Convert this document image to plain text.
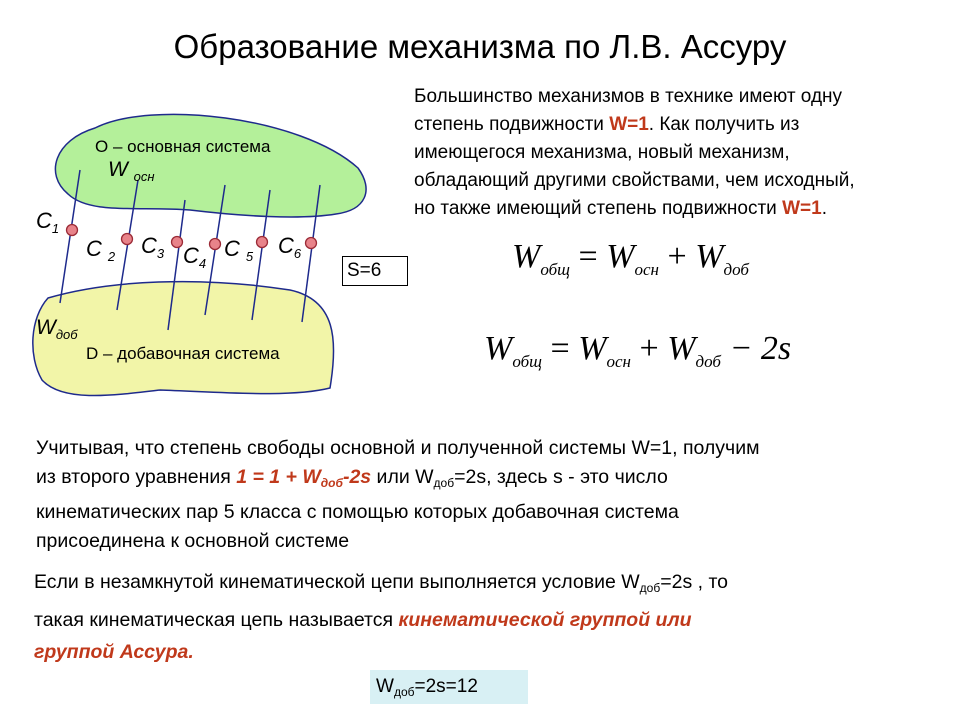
Образование механизма по Л.В. Ассуру
Большинство механизмов в технике имеют одну
степень подвижности W=1. Как получить из
имеющегося механизма, новый механизм,
обладающий другими свойствами, чем исходный,
но также имеющий степень подвижности W=1.
О – основная система
D – добавочная система
W $_{осн}$
$W_{доб}$
$C_1$
C $_2$ $C_3$ $C_4$
C $_5$ $C_6$
S=6	$W_{общ} = W_{осн} + W_{доб}$
$W_{общ} = W_{осн} + W_{доб} - 2s$
Учитывая, что степень свободы основной и полученной системы W=1, получим
из второго уравнения $1 = 1 + W_{доб}-2s$ или $W_{доб}=2s$, здесь s - это число
кинематических пар 5 класса с помощью которых добавочная система
присоединена к основной системе
Если в незамкнутой кинематической цепи выполняется условие $W_{доб}=2s$ , то
такая кинематическая цепь называется кинематической группой или
группой Ассура.
$W_{доб}=2s=12$
